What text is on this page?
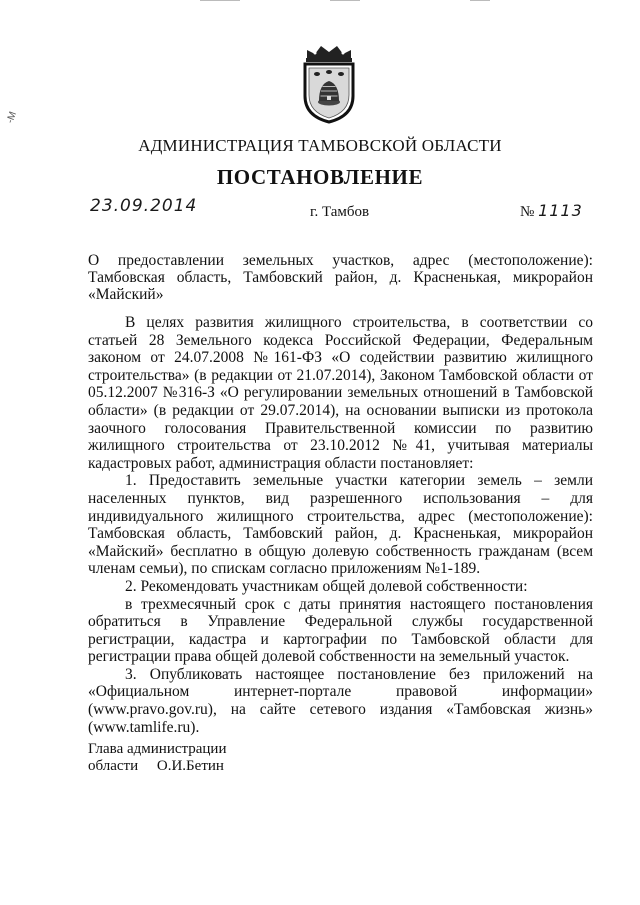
-M
АДМИНИСТРАЦИЯ ТАМБОВСКОЙ ОБЛАСТИ
ПОСТАНОВЛЕНИЕ
23.09.2014	г. Тамбов	№ 1113
О предоставлении земельных участков, адрес (местоположение): Тамбовская область, Тамбовский район, д. Красненькая, микрорайон «Майский»

В целях развития жилищного строительства, в соответствии со статьей 28 Земельного кодекса Российской Федерации, Федеральным законом от 24.07.2008 №161-ФЗ «О содействии развитию жилищного строительства» (в редакции от 21.07.2014), Законом Тамбовской области от 05.12.2007 №316-З «О регулировании земельных отношений в Тамбовской области» (в редакции от 29.07.2014), на основании выписки из протокола заочного голосования Правительственной комиссии по развитию жилищного строительства от 23.10.2012 №41, учитывая материалы кадастровых работ, администрация области постановляет:

1. Предоставить земельные участки категории земель – земли населенных пунктов, вид разрешенного использования – для индивидуального жилищного строительства, адрес (местоположение): Тамбовская область, Тамбовский район, д. Красненькая, микрорайон «Майский» бесплатно в общую долевую собственность гражданам (всем членам семьи), по спискам согласно приложениям №1-189.

2. Рекомендовать участникам общей долевой собственности:

в трехмесячный срок с даты принятия настоящего постановления обратиться в Управление Федеральной службы государственной регистрации, кадастра и картографии по Тамбовской области для регистрации права общей долевой собственности на земельный участок.

3. Опубликовать настоящее постановление без приложений на «Официальном интернет-портале правовой информации» (www.pravo.gov.ru), на сайте сетевого издания «Тамбовская жизнь» (www.tamlife.ru).

Глава администрации
области     О.И.Бетин
